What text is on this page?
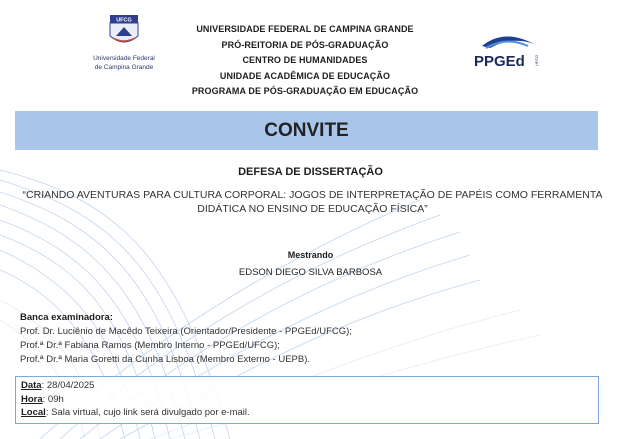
UFCG
Universidade Federal
de Campina Grande
UNIVERSIDADE FEDERAL DE CAMPINA GRANDE
PRÓ-REITORIA DE PÓS-GRADUAÇÃO
CENTRO DE HUMANIDADES
UNIDADE ACADÊMICA DE EDUCAÇÃO
PROGRAMA DE PÓS-GRADUAÇÃO EM EDUCAÇÃO
PPGEd UFCG
CONVITE
DEFESA DE DISSERTAÇÃO
“CRIANDO AVENTURAS PARA CULTURA CORPORAL: JOGOS DE INTERPRETAÇÃO DE PAPÉIS COMO FERRAMENTA
DIDÁTICA NO ENSINO DE EDUCAÇÃO FÍSICA”
Mestrando
EDSON DIEGO SILVA BARBOSA
Banca examinadora:
Prof. Dr. Luciênio de Macêdo Teixeira (Orientador/Presidente - PPGEd/UFCG);
Prof.ª Dr.ª Fabiana Ramos (Membro Interno - PPGEd/UFCG);
Prof.ª Dr.ª Maria Goretti da Cunha Lisboa (Membro Externo - UEPB).
Data: 28/04/2025
Hora: 09h
Local: Sala virtual, cujo link será divulgado por e-mail.
